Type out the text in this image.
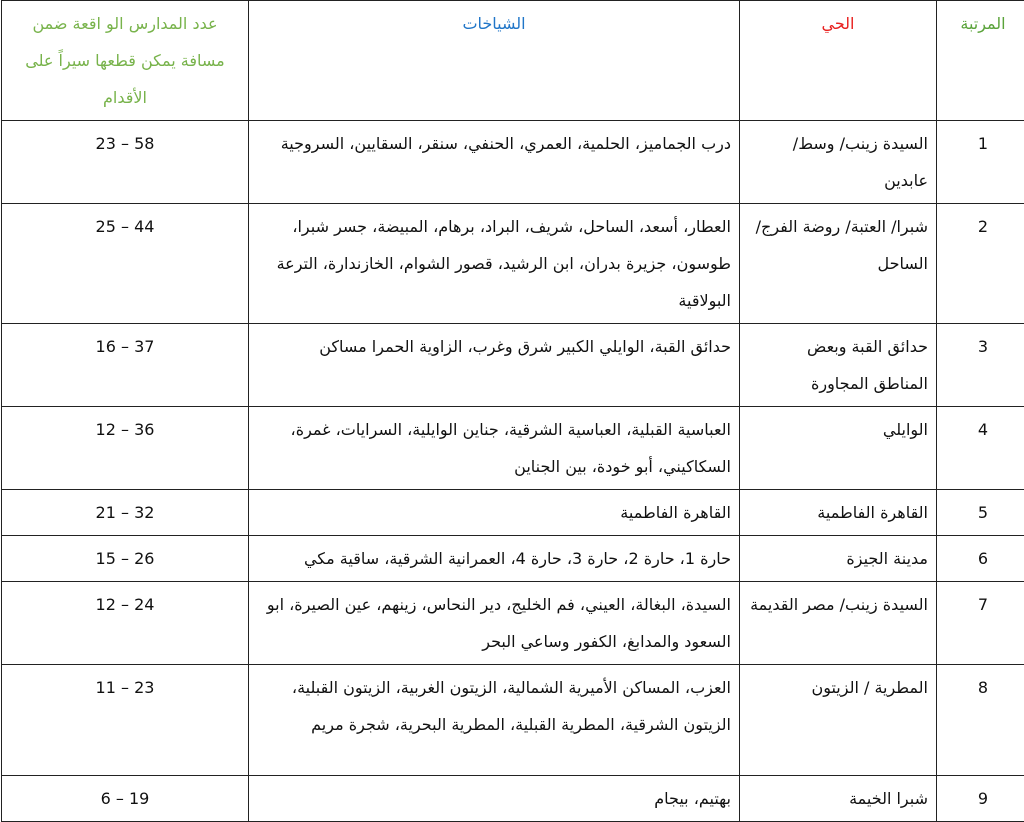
المرتبة	الحي	الشياخات	عدد المدارس الو اقعة ضمن مسافة يمكن قطعها سيراً على الأقدام
1	السيدة زينب/ وسط/ عابدين	درب الجماميز، الحلمية، العمري، الحنفي، سنقر، السقايين، السروجية	23 – 58
2	شبرا/ العتبة/ روضة الفرج/ الساحل	العطار، أسعد، الساحل، شريف، البراد، برهام، المبيضة، جسر شبرا، طوسون، جزيرة بدران، ابن الرشيد، قصور الشوام، الخازندارة، الترعة البولاقية	25 – 44
3	حدائق القبة وبعض المناطق المجاورة	حدائق القبة، الوايلي الكبير شرق وغرب، الزاوية الحمرا مساكن	16 – 37
4	الوايلي	العباسية القبلية، العباسية الشرقية، جناين الوايلية، السرايات، غمرة، السكاكيني، أبو خودة، بين الجناين	12 – 36
5	القاهرة الفاطمية	القاهرة الفاطمية	21 – 32
6	مدينة الجيزة	حارة 1، حارة 2، حارة 3، حارة 4، العمرانية الشرقية، ساقية مكي	15 – 26
7	السيدة زينب/ مصر القديمة	السيدة، البغالة، العيني، فم الخليج، دير النحاس، زينهم، عين الصيرة، ابو السعود والمدابغ، الكفور وساعي البحر	12 – 24
8	المطرية / الزيتون	العزب، المساكن الأميرية الشمالية، الزيتون الغربية، الزيتون القبلية، الزيتون الشرقية، المطرية القبلية، المطرية البحرية، شجرة مريم	11 – 23
9	شبرا الخيمة	بهتيم، بيجام	6 – 19
